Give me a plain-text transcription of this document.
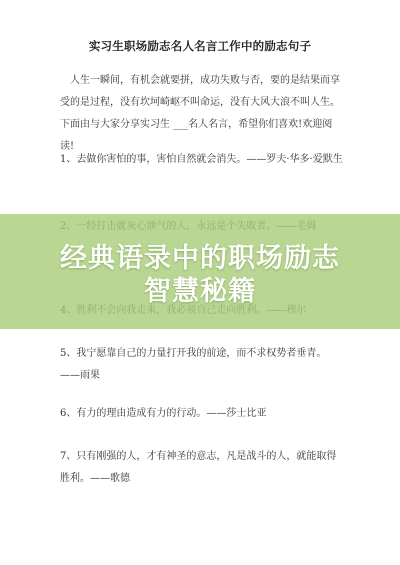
实习生职场励志名人名言工作中的励志句子
人生一瞬间，有机会就要拼，成功失败与否，要的是结果而享受的是过程，没有坎坷崎岖不叫命运，没有大风大浪不叫人生。下面由与大家分享实习生 ___名人名言，希望你们喜欢!欢迎阅读!
1、去做你害怕的事，害怕自然就会消失。——罗夫·华多·爱默生
5、我宁愿靠自己的力量打开我的前途，而不求权势者垂青。——雨果
6、有力的理由造成有力的行动。——莎士比亚
7、只有刚强的人，才有神圣的意志，凡是战斗的人，就能取得胜利。——歌德
经典语录中的职场励志
智慧秘籍
